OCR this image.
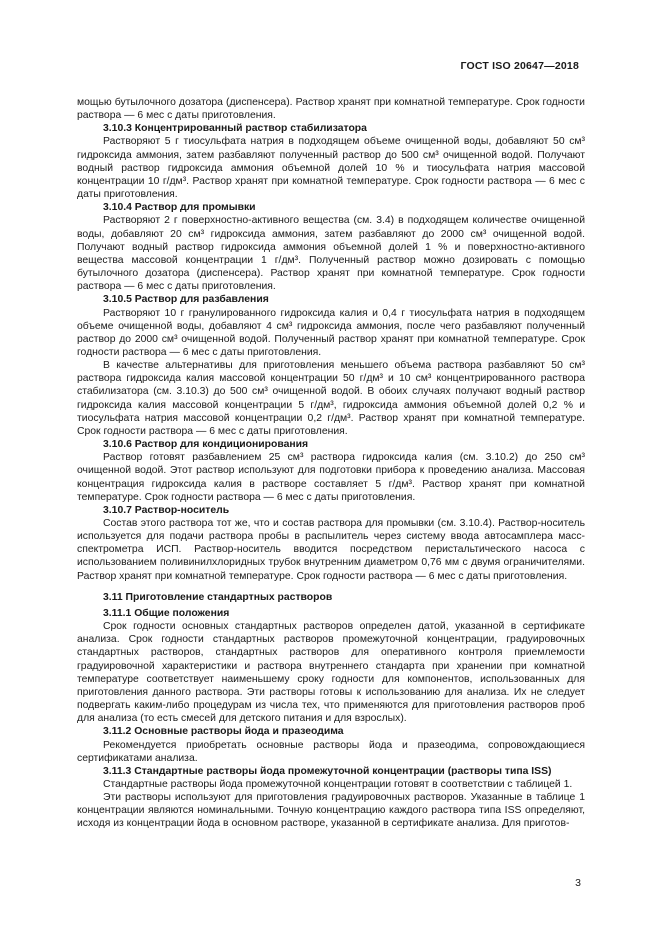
ГОСТ ISO 20647—2018

мощью бутылочного дозатора (диспенсера). Раствор хранят при комнатной температуре. Срок годности раствора — 6 мес с даты приготовления.

3.10.3 Концентрированный раствор стабилизатора

Растворяют 5 г тиосульфата натрия в подходящем объеме очищенной воды, добавляют 50 см³ гидроксида аммония, затем разбавляют полученный раствор до 500 см³ очищенной водой. Получают водный раствор гидроксида аммония объемной долей 10 % и тиосульфата натрия массовой концентрации 10 г/дм³. Раствор хранят при комнатной температуре. Срок годности раствора — 6 мес с даты приготовления.

3.10.4 Раствор для промывки

Растворяют 2 г поверхностно-активного вещества (см. 3.4) в подходящем количестве очищенной воды, добавляют 20 см³ гидроксида аммония, затем разбавляют до 2000 см³ очищенной водой. Получают водный раствор гидроксида аммония объемной долей 1 % и поверхностно-активного вещества массовой концентрации 1 г/дм³. Полученный раствор можно дозировать с помощью бутылочного дозатора (диспенсера). Раствор хранят при комнатной температуре. Срок годности раствора — 6 мес с даты приготовления.

3.10.5 Раствор для разбавления

Растворяют 10 г гранулированного гидроксида калия и 0,4 г тиосульфата натрия в подходящем объеме очищенной воды, добавляют 4 см³ гидроксида аммония, после чего разбавляют полученный раствор до 2000 см³ очищенной водой. Полученный раствор хранят при комнатной температуре. Срок годности раствора — 6 мес с даты приготовления.

В качестве альтернативы для приготовления меньшего объема раствора разбавляют 50 см³ раствора гидроксида калия массовой концентрации 50 г/дм³ и 10 см³ концентрированного раствора стабилизатора (см. 3.10.3) до 500 см³ очищенной водой. В обоих случаях получают водный раствор гидроксида калия массовой концентрации 5 г/дм³, гидроксида аммония объемной долей 0,2 % и тиосульфата натрия массовой концентрации 0,2 г/дм³. Раствор хранят при комнатной температуре. Срок годности раствора — 6 мес с даты приготовления.

3.10.6 Раствор для кондиционирования

Раствор готовят разбавлением 25 см³ раствора гидроксида калия (см. 3.10.2) до 250 см³ очищенной водой. Этот раствор используют для подготовки прибора к проведению анализа. Массовая концентрация гидроксида калия в растворе составляет 5 г/дм³. Раствор хранят при комнатной температуре. Срок годности раствора — 6 мес с даты приготовления.

3.10.7 Раствор-носитель

Состав этого раствора тот же, что и состав раствора для промывки (см. 3.10.4). Раствор-носитель используется для подачи раствора пробы в распылитель через систему ввода автосамплера масс-спектрометра ИСП. Раствор-носитель вводится посредством перистальтического насоса с использованием поливинилхлоридных трубок внутренним диаметром 0,76 мм с двумя ограничителями. Раствор хранят при комнатной температуре. Срок годности раствора — 6 мес с даты приготовления.

3.11 Приготовление стандартных растворов
3.11.1 Общие положения

Срок годности основных стандартных растворов определен датой, указанной в сертификате анализа. Срок годности стандартных растворов промежуточной концентрации, градуировочных стандартных растворов, стандартных растворов для оперативного контроля приемлемости градуировочной характеристики и раствора внутреннего стандарта при хранении при комнатной температуре соответствует наименьшему сроку годности для компонентов, использованных для приготовления данного раствора. Эти растворы готовы к использованию для анализа. Их не следует подвергать каким-либо процедурам из числа тех, что применяются для приготовления растворов проб для анализа (то есть смесей для детского питания и для взрослых).

3.11.2 Основные растворы йода и празеодима

Рекомендуется приобретать основные растворы йода и празеодима, сопровождающиеся сертификатами анализа.

3.11.3 Стандартные растворы йода промежуточной концентрации (растворы типа ISS)

Стандартные растворы йода промежуточной концентрации готовят в соответствии с таблицей 1.

Эти растворы используют для приготовления градуировочных растворов. Указанные в таблице 1 концентрации являются номинальными. Точную концентрацию каждого раствора типа ISS определяют, исходя из концентрации йода в основном растворе, указанной в сертификате анализа. Для приготов-

3
